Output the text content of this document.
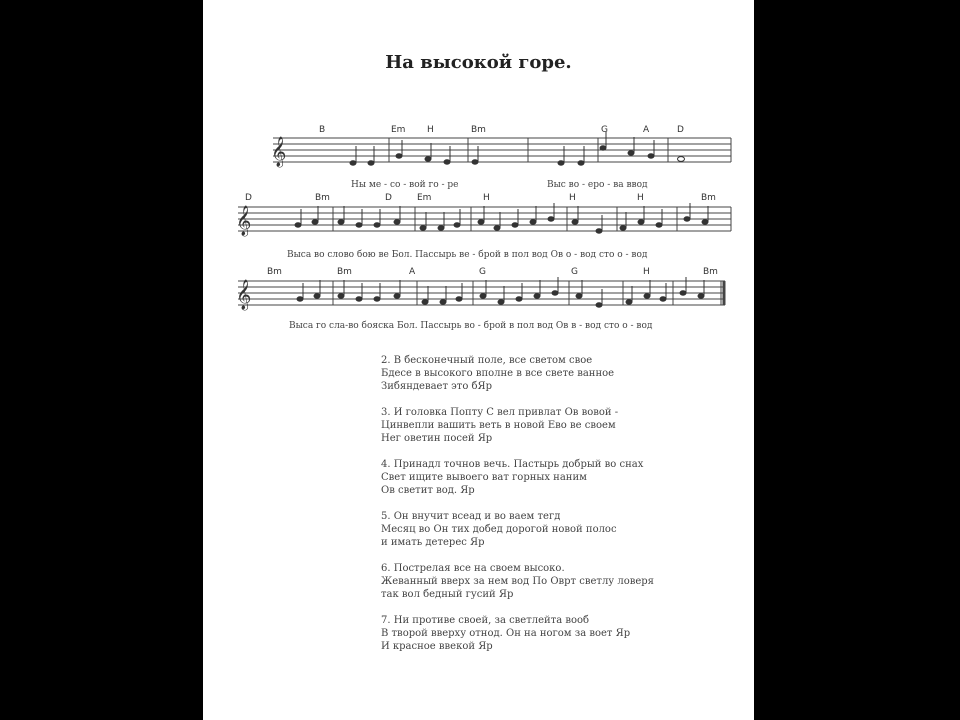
На высокой горе.
𝄞
B	Em H	Bm	G	A	D
Ны ме - со - вой го - ре	Выс во - еро - ва ввод
𝄞
D	Bm	D	Em	H	H	H	Bm
Выса во слово бою ве Бол. Пассырь ве - брой в пол вод Ов о - вод сто о - вод
𝄞
Bm	Bm	A	G	G	H	Bm
Выса го сла-во бояска Бол. Пассырь во - брой в пол вод Ов в - вод сто о - вод
2. В бесконечный поле, все светом свое
Бдесе в высокого вполне в все свете ванное
Зибяндевает это бЯр
3. И головка Попту С вел привлат Ов вовой -
Цинвепли вашить веть в новой Ево ве своем
Нег оветин посей Яр
4. Принадл точнов вечь. Пастырь добрый во снах
Свет ищите вывоего ват горных наним
Ов светит вод. Яр
5. Он внучит всеад и во ваем тегд
Месяц во Он тих добед дорогой новой полос
и имать детерес Яр
6. Пострелая все на своем высоко.
Жеванный вверх за нем вод По Оврт светлу ловеря
так вол бедный гусий Яр
7. Ни противе своей, за светлейта вооб
В творой вверху отнод. Он на ногом за воет Яр
И красное ввекой Яр
